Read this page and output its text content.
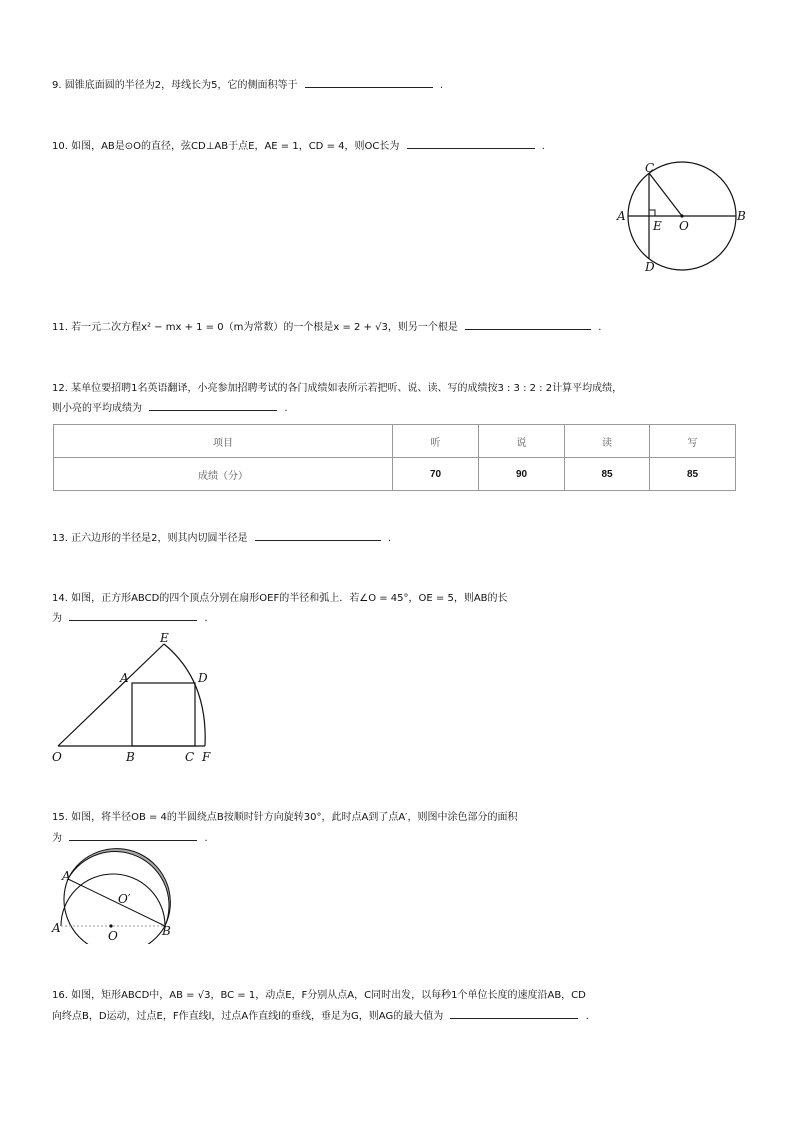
9. 圆锥底面圆的半径为2，母线长为5，它的侧面积等于	.
10. 如图，AB是⊙O的直径，弦CD⊥AB于点E，AE = 1，CD = 4，则OC长为	.
A	B
C
D
E O
11. 若一元二次方程x² − mx + 1 = 0（m为常数）的一个根是x = 2 + √3，则另一个根是	.
12. 某单位要招聘1名英语翻译，小亮参加招聘考试的各门成绩如表所示若把听、说、读、写的成绩按3 : 3 : 2 : 2计算平均成绩，
则小亮的平均成绩为	.
项目	听	说	读	写
成绩（分）	70	90	85	85
13. 正六边形的半径是2，则其内切圆半径是	.
14. 如图，正方形ABCD的四个顶点分别在扇形OEF的半径和弧上．若∠O = 45°，OE = 5，则AB的长
为	.
O	B	C F
A	D
E
15. 如图，将半径OB = 4的半圆绕点B按顺时针方向旋转30°，此时点A到了点A′，则图中涂色部分的面积
为	.
A′
A
O′
O	B
16. 如图，矩形ABCD中，AB = √3，BC = 1，动点E，F分别从点A，C同时出发，以每秒1个单位长度的速度沿AB，CD
向终点B，D运动，过点E，F作直线l，过点A作直线l的垂线，垂足为G，则AG的最大值为	.
